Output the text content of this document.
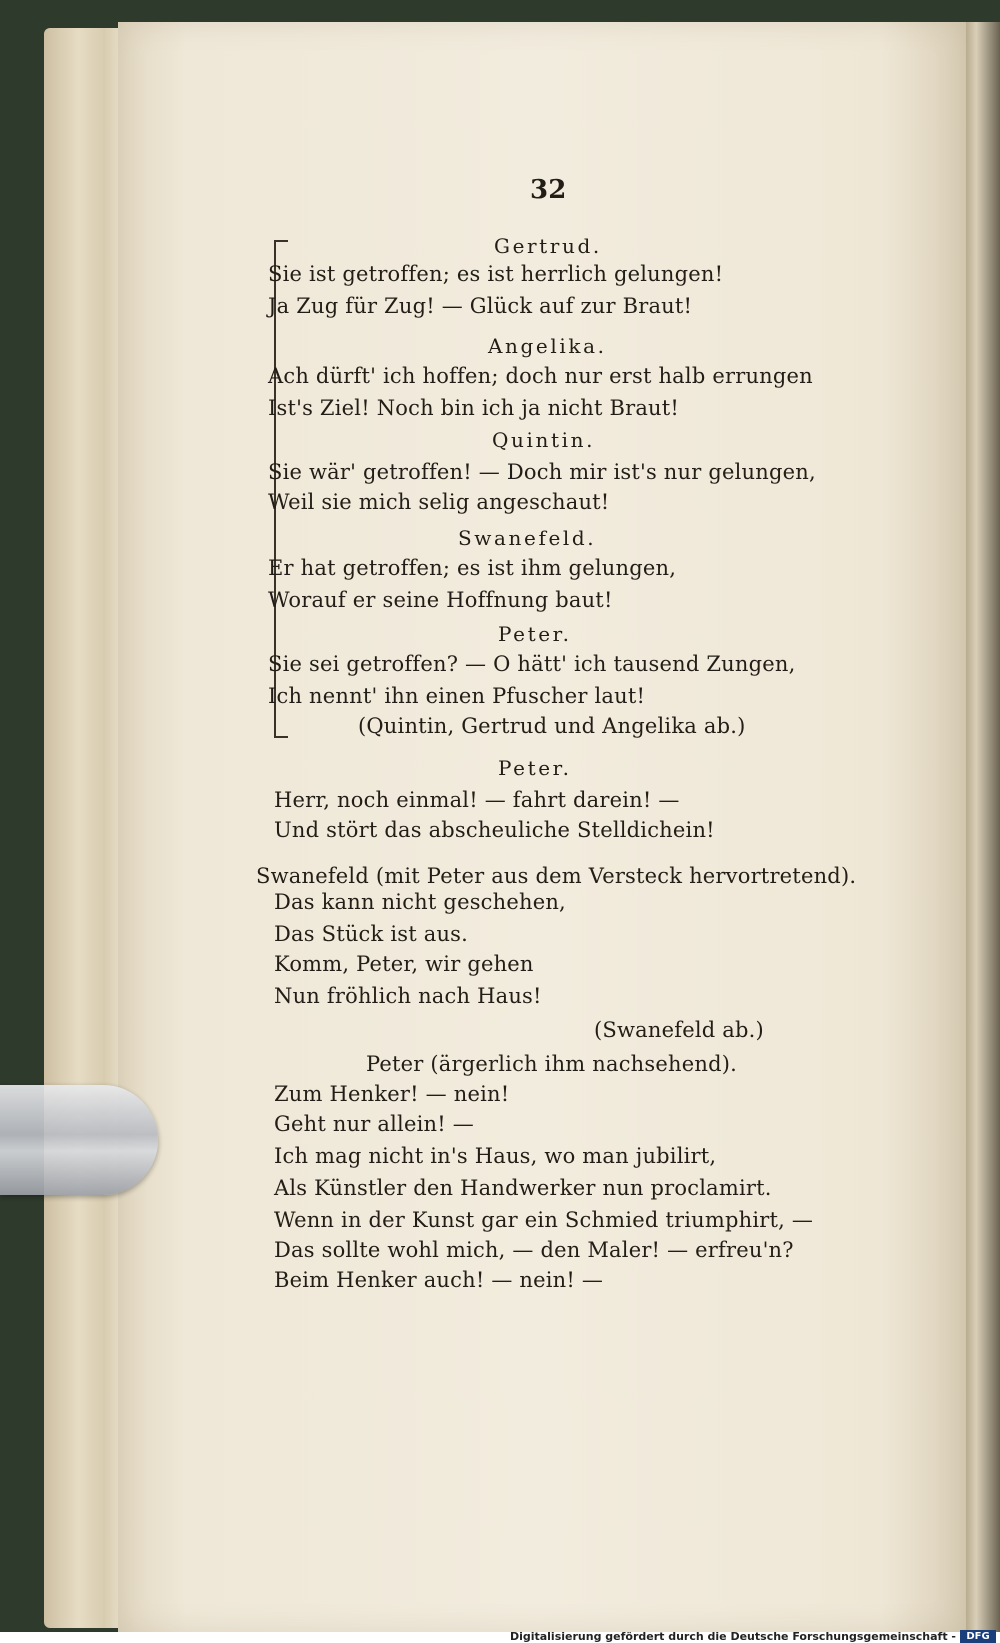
32
Gertrud.
Sie ist getroffen; es ist herrlich gelungen!
Ja Zug für Zug! — Glück auf zur Braut!
Angelika.
Ach dürft' ich hoffen; doch nur erst halb errungen
Ist's Ziel! Noch bin ich ja nicht Braut!
Quintin.
Sie wär' getroffen! — Doch mir ist's nur gelungen,
Weil sie mich selig angeschaut!
Swanefeld.
Er hat getroffen; es ist ihm gelungen,
Worauf er seine Hoffnung baut!
Peter.
Sie sei getroffen? — O hätt' ich tausend Zungen,
Ich nennt' ihn einen Pfuscher laut!
(Quintin, Gertrud und Angelika ab.)
Peter.
Herr, noch einmal! — fahrt darein! —
Und stört das abscheuliche Stelldichein!
Swanefeld (mit Peter aus dem Versteck hervortretend).
Das kann nicht geschehen,
Das Stück ist aus.
Komm, Peter, wir gehen
Nun fröhlich nach Haus!
(Swanefeld ab.)
Peter (ärgerlich ihm nachsehend).
Zum Henker! — nein!
Geht nur allein! —
Ich mag nicht in's Haus, wo man jubilirt,
Als Künstler den Handwerker nun proclamirt.
Wenn in der Kunst gar ein Schmied triumphirt, —
Das sollte wohl mich, — den Maler! — erfreu'n?
Beim Henker auch! — nein! —
Digitalisierung gefördert durch die Deutsche Forschungsgemeinschaft -	DFG
